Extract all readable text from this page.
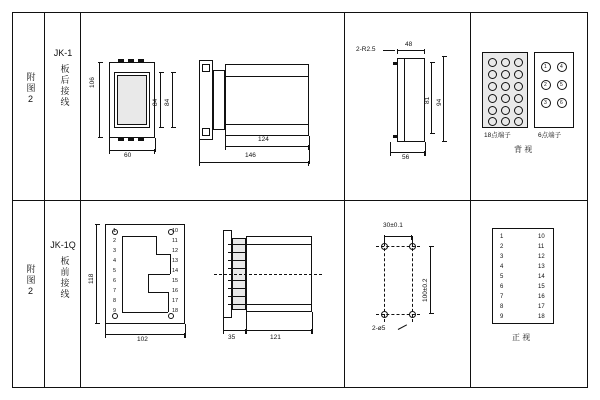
附图2
JK-1
板后接线	106
84 84
60
124
146
2-R2.5
48
81 94
56
1	4
2	5
3	6
18点端子	6点端子
背 视
附图2
JK-1Q
板前接线
1
2
3
4
5
6
7
8
9
10
11
12
13
14
15
16
17
18
118
102	35	121
30±0.1
100±0.2
2-ø5
1
2
3
4
5
6
7
8
9
10
11
12
13
14
15
16
17
18
正 视
